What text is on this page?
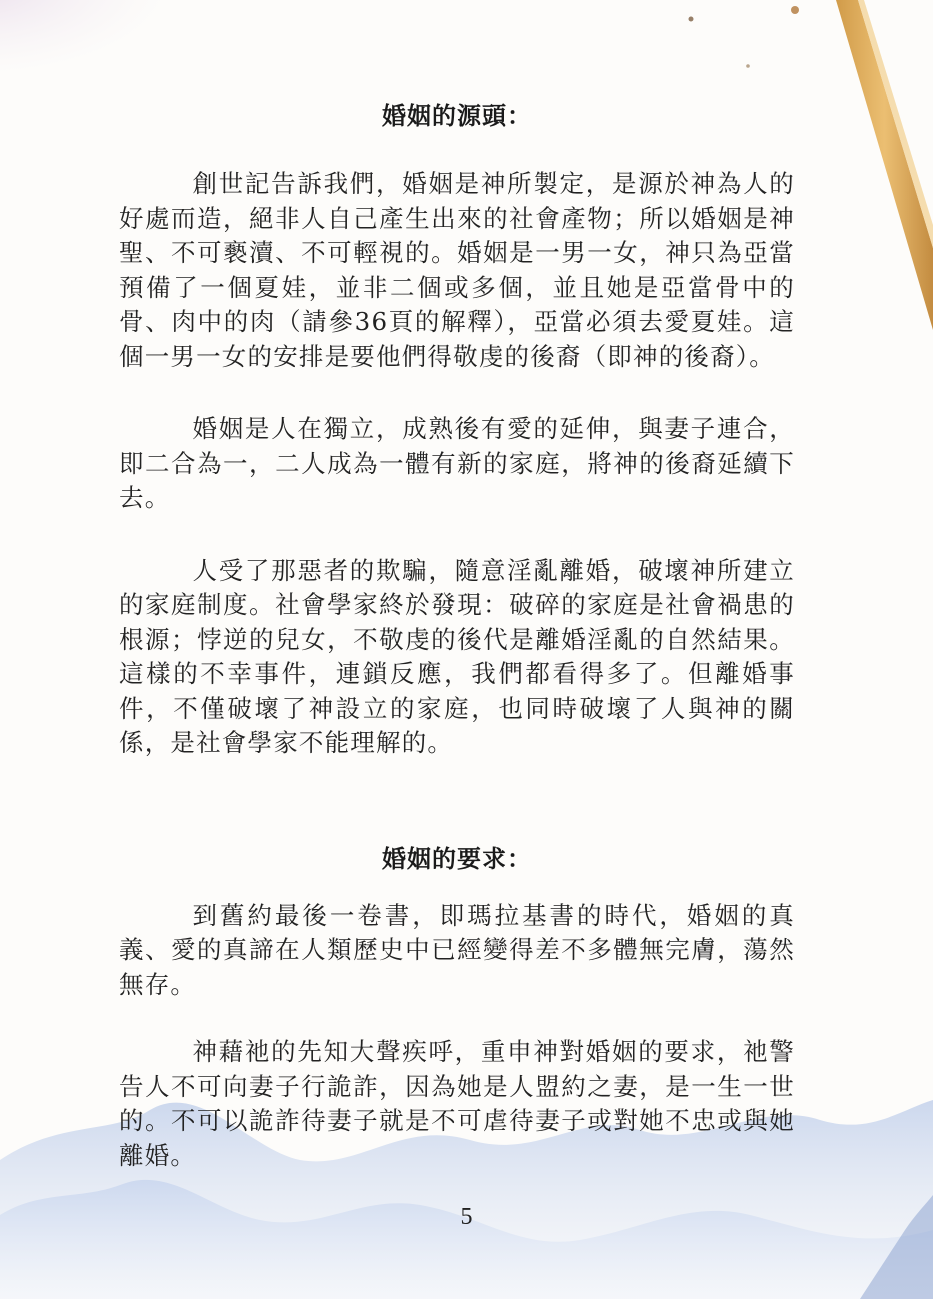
婚姻的源頭：

創世記告訴我們，婚姻是神所製定，是源於神為人的好處而造，絕非人自己產生出來的社會產物；所以婚姻是神聖、不可褻瀆、不可輕視的。婚姻是一男一女，神只為亞當預備了一個夏娃，並非二個或多個，並且她是亞當骨中的骨、肉中的肉（請參36頁的解釋），亞當必須去愛夏娃。這個一男一女的安排是要他們得敬虔的後裔（即神的後裔）。

婚姻是人在獨立，成熟後有愛的延伸，與妻子連合，即二合為一，二人成為一體有新的家庭，將神的後裔延續下去。

人受了那惡者的欺騙，隨意淫亂離婚，破壞神所建立的家庭制度。社會學家終於發現：破碎的家庭是社會禍患的根源；悖逆的兒女，不敬虔的後代是離婚淫亂的自然結果。這樣的不幸事件，連鎖反應，我們都看得多了。但離婚事件，不僅破壞了神設立的家庭，也同時破壞了人與神的關係，是社會學家不能理解的。

婚姻的要求：

到舊約最後一卷書，即瑪拉基書的時代，婚姻的真義、愛的真諦在人類歷史中已經變得差不多體無完膚，蕩然無存。

神藉祂的先知大聲疾呼，重申神對婚姻的要求，祂警告人不可向妻子行詭詐，因為她是人盟約之妻，是一生一世的。不可以詭詐待妻子就是不可虐待妻子或對她不忠或與她離婚。

5
